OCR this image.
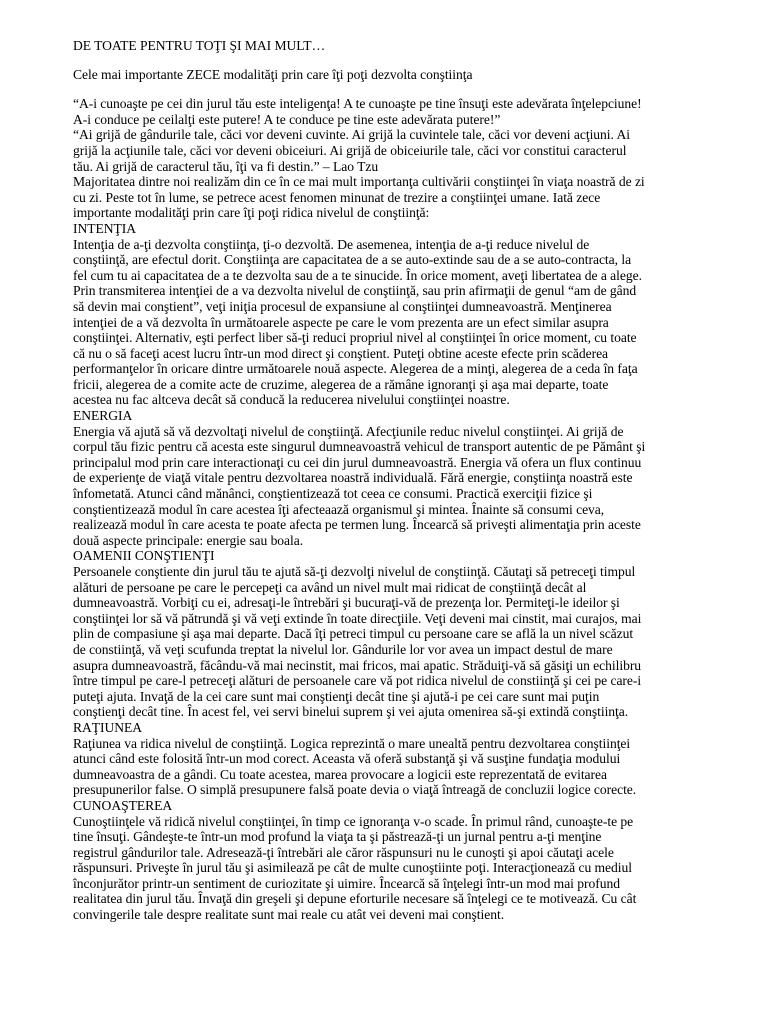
DE TOATE PENTRU TOŢI ŞI MAI MULT…
Cele mai importante ZECE modalităţi prin care îţi poţi dezvolta conştiinţa
“A-i cunoaşte pe cei din jurul tău este inteligenţa! A te cunoaşte pe tine însuţi este adevărata înţelepciune!
A-i conduce pe ceilalţi este putere! A te conduce pe tine este adevărata putere!”
“Ai grijă de gândurile tale, căci vor deveni cuvinte. Ai grijă la cuvintele tale, căci vor deveni acţiuni. Ai
grijă la acţiunile tale, căci vor deveni obiceiuri. Ai grijă de obiceiurile tale, căci vor constitui caracterul
tău. Ai grijă de caracterul tău, îţi va fi destin.” – Lao Tzu
Majoritatea dintre noi realizăm din ce în ce mai mult importanţa cultivării conştiinţei în viaţa noastră de zi
cu zi. Peste tot în lume, se petrece acest fenomen minunat de trezire a conştiinţei umane. Iată zece
importante modalităţi prin care îţi poţi ridica nivelul de conştiinţă:
INTENŢIA
Intenţia de a-ţi dezvolta conştiinţa, ţi-o dezvoltă. De asemenea, intenţia de a-ţi reduce nivelul de
conştiinţă, are efectul dorit. Conştiinţa are capacitatea de a se auto-extinde sau de a se auto-contracta, la
fel cum tu ai capacitatea de a te dezvolta sau de a te sinucide. În orice moment, aveţi libertatea de a alege.
Prin transmiterea intenţiei de a va dezvolta nivelul de conştiinţă, sau prin afirmaţii de genul “am de gând
să devin mai conştient”, veţi iniţia procesul de expansiune al conştiinţei dumneavoastră. Menţinerea
intenţiei de a vă dezvolta în următoarele aspecte pe care le vom prezenta are un efect similar asupra
conştiinţei. Alternativ, eşti perfect liber să-ţi reduci propriul nivel al conştiinţei în orice moment, cu toate
că nu o să faceţi acest lucru într-un mod direct şi conştient. Puteţi obtine aceste efecte prin scăderea
performanţelor în oricare dintre următoarele nouă aspecte. Alegerea de a minţi, alegerea de a ceda în faţa
fricii, alegerea de a comite acte de cruzime, alegerea de a rămâne ignoranţi şi aşa mai departe, toate
acestea nu fac altceva decât să conducă la reducerea nivelului conştiinţei noastre.
ENERGIA
Energia vă ajută să vă dezvoltaţi nivelul de conştiinţă. Afecţiunile reduc nivelul conştiinţei. Ai grijă de
corpul tău fizic pentru că acesta este singurul dumneavoastră vehicul de transport autentic de pe Pământ şi
principalul mod prin care interactionaţi cu cei din jurul dumneavoastră. Energia vă ofera un flux continuu
de experienţe de viaţă vitale pentru dezvoltarea noastră individuală. Fără energie, conştiinţa noastră este
înfometată. Atunci când mănânci, conştientizează tot ceea ce consumi. Practică exerciţii fizice şi
conştientizează modul în care acestea îţi afecteaază organismul şi mintea. Înainte să consumi ceva,
realizează modul în care acesta te poate afecta pe termen lung. Încearcă să priveşti alimentaţia prin aceste
două aspecte principale: energie sau boala.
OAMENII CONŞTIENŢI
Persoanele conştiente din jurul tău te ajută să-ţi dezvolţi nivelul de conştiinţă. Căutaţi să petreceţi timpul
alături de persoane pe care le percepeţi ca având un nivel mult mai ridicat de conştiinţă decât al
dumneavoastră. Vorbiţi cu ei, adresaţi-le întrebări şi bucuraţi-vă de prezenţa lor. Permiteţi-le ideilor şi
conştiinţei lor să vă pătrundă şi vă veţi extinde în toate direcţiile. Veţi deveni mai cinstit, mai curajos, mai
plin de compasiune şi aşa mai departe. Dacă îţi petreci timpul cu persoane care se află la un nivel scăzut
de constiinţă, vă veţi scufunda treptat la nivelul lor. Gândurile lor vor avea un impact destul de mare
asupra dumneavoastră, făcându-vă mai necinstit, mai fricos, mai apatic. Străduiţi-vă să găsiţi un echilibru
între timpul pe care-l petreceţi alături de persoanele care vă pot ridica nivelul de constiinţă şi cei pe care-i
puteţi ajuta. Invaţă de la cei care sunt mai conştienţi decât tine şi ajută-i pe cei care sunt mai puţin
conştienţi decât tine. În acest fel, vei servi binelui suprem şi vei ajuta omenirea să-şi extindă conştiinţa.
RAŢIUNEA
Raţiunea va ridica nivelul de conştiinţă. Logica reprezintă o mare unealtă pentru dezvoltarea conştiinţei
atunci când este folosită într-un mod corect. Aceasta vă oferă substanţă şi vă susţine fundaţia modului
dumneavoastra de a gândi. Cu toate acestea, marea provocare a logicii este reprezentată de evitarea
presupunerilor false. O simplă presupunere falsă poate devia o viaţă întreagă de concluzii logice corecte.
CUNOAŞTEREA
Cunoştiinţele vă ridică nivelul conştiinţei, în timp ce ignoranţa v-o scade. În primul rând, cunoaşte-te pe
tine însuţi. Gândeşte-te într-un mod profund la viaţa ta şi păstrează-ţi un jurnal pentru a-ţi menţine
registrul gândurilor tale. Adresează-ţi întrebări ale căror răspunsuri nu le cunoşti şi apoi căutaţi acele
răspunsuri. Priveşte în jurul tău şi asimilează pe cât de multe cunoştiinte poţi. Interacţionează cu mediul
înconjurător printr-un sentiment de curiozitate şi uimire. Încearcă să înţelegi într-un mod mai profund
realitatea din jurul tău. Învaţă din greşeli şi depune eforturile necesare să înţelegi ce te motivează. Cu cât
convingerile tale despre realitate sunt mai reale cu atât vei deveni mai conştient.
